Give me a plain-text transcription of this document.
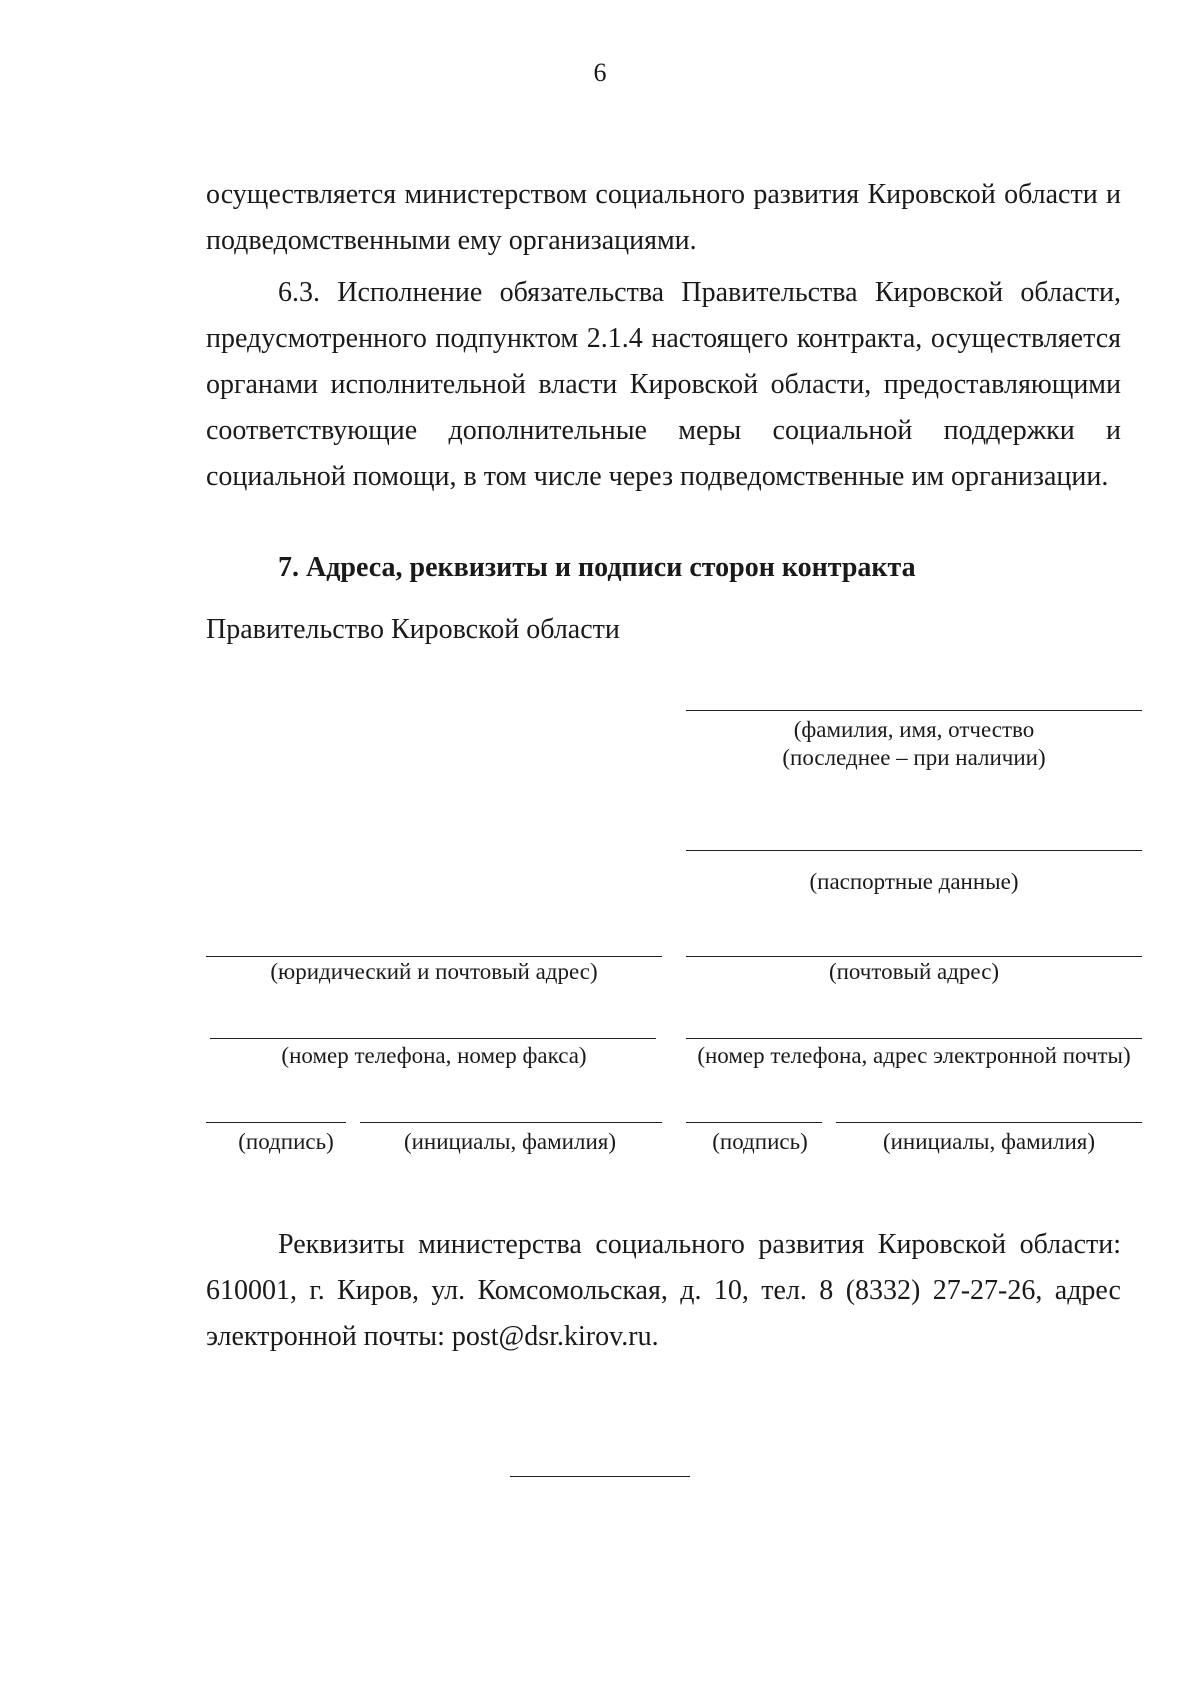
6

осуществляется министерством социального развития Кировской области и подведомственными ему организациями.

6.3. Исполнение обязательства Правительства Кировской области, предусмотренного подпунктом 2.1.4 настоящего контракта, осуществляется органами исполнительной власти Кировской области, предоставляющими соответствующие дополнительные меры социальной поддержки и социальной помощи, в том числе через подведомственные им организации.

7. Адреса, реквизиты и подписи сторон контракта

Правительство Кировской области

(фамилия, имя, отчество
(последнее – при наличии)
(паспортные данные)
(юридический и почтовый адрес)	(почтовый адрес)
(номер телефона, номер факса)	(номер телефона, адрес электронной почты)
(подпись)	(инициалы, фамилия)	(подпись)	(инициалы, фамилия)

Реквизиты министерства социального развития Кировской области: 610001, г. Киров, ул. Комсомольская, д. 10, тел. 8 (8332) 27-27-26, адрес электронной почты: post@dsr.kirov.ru.
